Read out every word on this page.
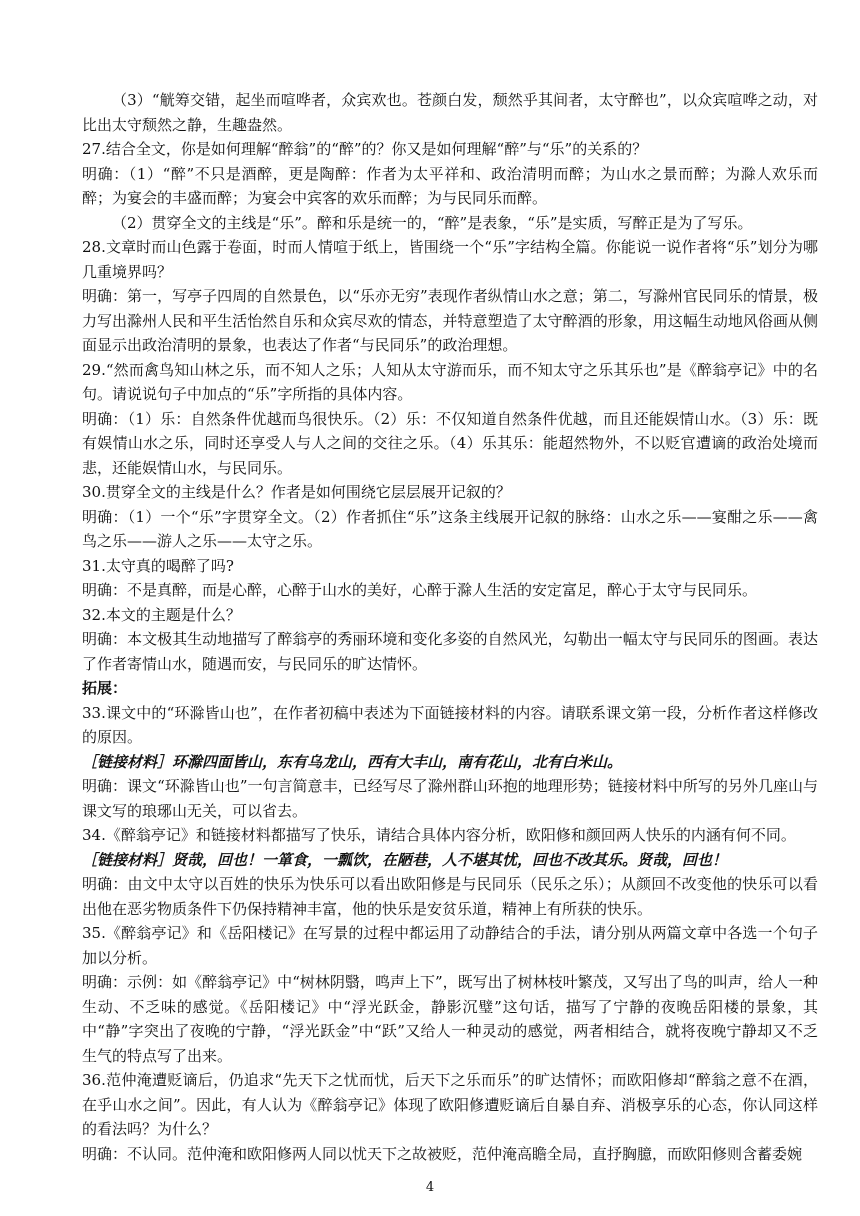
（3）“觥筹交错，起坐而喧哗者，众宾欢也。苍颜白发，颓然乎其间者，太守醉也”，以众宾喧哗之动，对比出太守颓然之静，生趣盎然。

27.结合全文，你是如何理解“醉翁”的“醉”的？你又是如何理解“醉”与“乐”的关系的？

明确：（1）“醉”不只是酒醉，更是陶醉：作者为太平祥和、政治清明而醉；为山水之景而醉；为滁人欢乐而醉；为宴会的丰盛而醉；为宴会中宾客的欢乐而醉；为与民同乐而醉。

（2）贯穿全文的主线是“乐”。醉和乐是统一的，“醉”是表象，“乐”是实质，写醉正是为了写乐。

28.文章时而山色露于卷面，时而人情喧于纸上，皆围绕一个“乐”字结构全篇。你能说一说作者将“乐”划分为哪几重境界吗？

明确：第一，写亭子四周的自然景色，以“乐亦无穷”表现作者纵情山水之意；第二，写滁州官民同乐的情景，极力写出滁州人民和平生活怡然自乐和众宾尽欢的情态，并特意塑造了太守醉酒的形象，用这幅生动地风俗画从侧面显示出政治清明的景象，也表达了作者“与民同乐”的政治理想。

29.“然而禽鸟知山林之乐，而不知人之乐；人知从太守游而乐，而不知太守之乐其乐也”是《醉翁亭记》中的名句。请说说句子中加点的“乐”字所指的具体内容。

明确：（1）乐：自然条件优越而鸟很快乐。（2）乐：不仅知道自然条件优越，而且还能娱情山水。（3）乐：既有娱情山水之乐，同时还享受人与人之间的交往之乐。（4）乐其乐：能超然物外，不以贬官遭谪的政治处境而悲，还能娱情山水，与民同乐。

30.贯穿全文的主线是什么？作者是如何围绕它层层展开记叙的？

明确：（1）一个“乐”字贯穿全文。（2）作者抓住“乐”这条主线展开记叙的脉络：山水之乐——宴酣之乐——禽鸟之乐——游人之乐——太守之乐。

31.太守真的喝醉了吗?

明确：不是真醉，而是心醉，心醉于山水的美好，心醉于滁人生活的安定富足，醉心于太守与民同乐。

32.本文的主题是什么？

明确：本文极其生动地描写了醉翁亭的秀丽环境和变化多姿的自然风光，勾勒出一幅太守与民同乐的图画。表达了作者寄情山水，随遇而安，与民同乐的旷达情怀。

拓展：

33.课文中的“环滁皆山也”，在作者初稿中表述为下面链接材料的内容。请联系课文第一段，分析作者这样修改的原因。

［链接材料］环滁四面皆山，东有乌龙山，西有大丰山，南有花山，北有白米山。

明确：课文“环滁皆山也”一句言简意丰，已经写尽了滁州群山环抱的地理形势；链接材料中所写的另外几座山与课文写的琅琊山无关，可以省去。

34.《醉翁亭记》和链接材料都描写了快乐，请结合具体内容分析，欧阳修和颜回两人快乐的内涵有何不同。

［链接材料］贤哉，回也！一箪食，一瓢饮，在陋巷，人不堪其忧，回也不改其乐。贤哉，回也！

明确：由文中太守以百姓的快乐为快乐可以看出欧阳修是与民同乐（民乐之乐）；从颜回不改变他的快乐可以看出他在恶劣物质条件下仍保持精神丰富，他的快乐是安贫乐道，精神上有所获的快乐。

35.《醉翁亭记》和《岳阳楼记》在写景的过程中都运用了动静结合的手法，请分别从两篇文章中各选一个句子加以分析。

明确：示例：如《醉翁亭记》中“树林阴翳，鸣声上下”，既写出了树林枝叶繁茂，又写出了鸟的叫声，给人一种生动、不乏味的感觉。《岳阳楼记》中“浮光跃金，静影沉璧”这句话，描写了宁静的夜晚岳阳楼的景象，其中“静”字突出了夜晚的宁静，“浮光跃金”中“跃”又给人一种灵动的感觉，两者相结合，就将夜晚宁静却又不乏生气的特点写了出来。

36.范仲淹遭贬谪后，仍追求“先天下之忧而忧，后天下之乐而乐”的旷达情怀；而欧阳修却“醉翁之意不在酒，在乎山水之间”。因此，有人认为《醉翁亭记》体现了欧阳修遭贬谪后自暴自弃、消极享乐的心态，你认同这样的看法吗？为什么？

明确：不认同。范仲淹和欧阳修两人同以忧天下之故被贬，范仲淹高瞻全局，直抒胸臆，而欧阳修则含蓄委婉

4
